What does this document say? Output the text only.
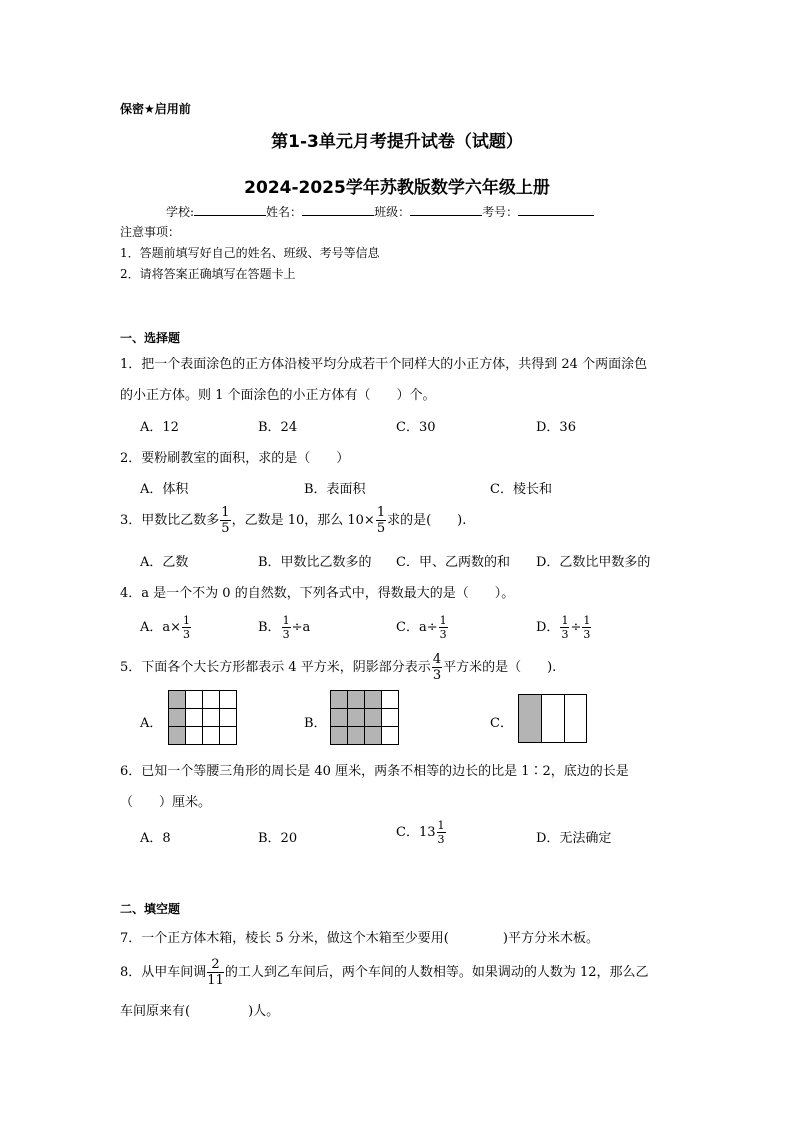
保密★启用前
第1-3单元月考提升试卷（试题）
2024-2025学年苏教版数学六年级上册
学校:	姓名：	班级：	考号：
注意事项：
1．答题前填写好自己的姓名、班级、考号等信息
2．请将答案正确填写在答题卡上
一、选择题
1．把一个表面涂色的正方体沿棱平均分成若干个同样大的小正方体，共得到 24 个两面涂色
的小正方体。则 1 个面涂色的小正方体有（　　）个。
A．12	B．24	C．30	D．36
2．要粉刷教室的面积，求的是（　　）
A．体积	B．表面积	C．棱长和
3．甲数比乙数多 $\frac{1}{5}$ ，乙数是 10，那么 $10\times \frac{1}{5}$ 求的是(　　).
A．乙数	B．甲数比乙数多的 C．甲、乙两数的和 D．乙数比甲数多的
4．a 是一个不为 0 的自然数，下列各式中，得数最大的是（　　）。
A．$a\times \frac{1}{3}$	B． $\frac{1}{3} \div a$	C．$a\div \frac{1}{3}$	D． $\frac{1}{3} \div \frac{1}{3}$
5．下面各个大长方形都表示 4 平方米，阴影部分表示 $\frac{4}{3}$ 平方米的是（　　).
A．	B．	C．
6．已知一个等腰三角形的周长是 40 厘米，两条不相等的边长的比是 1∶2，底边的长是
（　　）厘米。
A．8	B．20	C．$13 \frac{1}{3}$	D．无法确定
二、填空题
7．一个正方体木箱，棱长 5 分米，做这个木箱至少要用(	)平方分米木板。
8．从甲车间调 $\frac{2}{11}$ 的工人到乙车间后，两个车间的人数相等。如果调动的人数为 12，那么乙
车间原来有(	)人。
